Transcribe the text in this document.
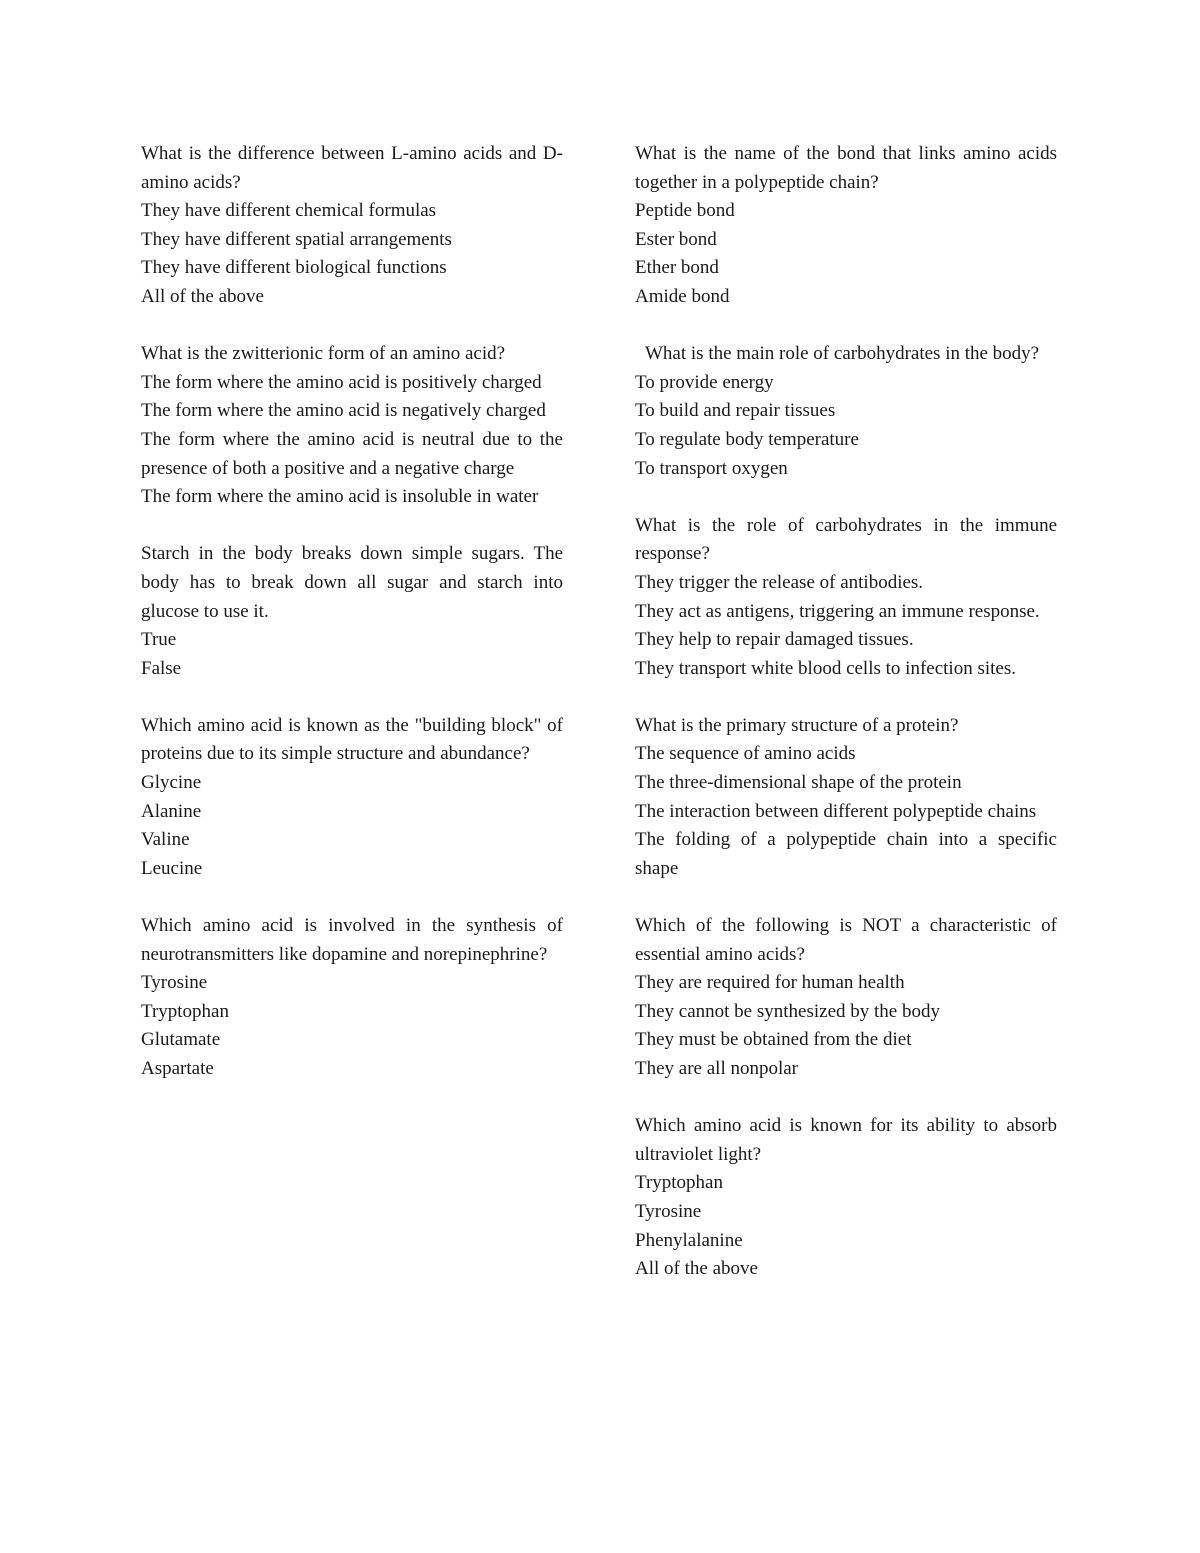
What is the difference between L-amino acids and D-amino acids?

They have different chemical formulas

They have different spatial arrangements

They have different biological functions

All of the above

What is the zwitterionic form of an amino acid?

The form where the amino acid is positively charged

The form where the amino acid is negatively charged

The form where the amino acid is neutral due to the presence of both a positive and a negative charge

The form where the amino acid is insoluble in water

Starch in the body breaks down simple sugars. The body has to break down all sugar and starch into glucose to use it.

True

False

Which amino acid is known as the "building block" of proteins due to its simple structure and abundance?

Glycine

Alanine

Valine

Leucine

Which amino acid is involved in the synthesis of neurotransmitters like dopamine and norepinephrine?

Tyrosine

Tryptophan

Glutamate

Aspartate

What is the name of the bond that links amino acids together in a polypeptide chain?

Peptide bond

Ester bond

Ether bond

Amide bond

What is the main role of carbohydrates in the body?

To provide energy

To build and repair tissues

To regulate body temperature

To transport oxygen

What is the role of carbohydrates in the immune response?

They trigger the release of antibodies.

They act as antigens, triggering an immune response.

They help to repair damaged tissues.

They transport white blood cells to infection sites.

What is the primary structure of a protein?

The sequence of amino acids

The three-dimensional shape of the protein

The interaction between different polypeptide chains

The folding of a polypeptide chain into a specific shape

Which of the following is NOT a characteristic of essential amino acids?

They are required for human health

They cannot be synthesized by the body

They must be obtained from the diet

They are all nonpolar

Which amino acid is known for its ability to absorb ultraviolet light?

Tryptophan

Tyrosine

Phenylalanine

All of the above
